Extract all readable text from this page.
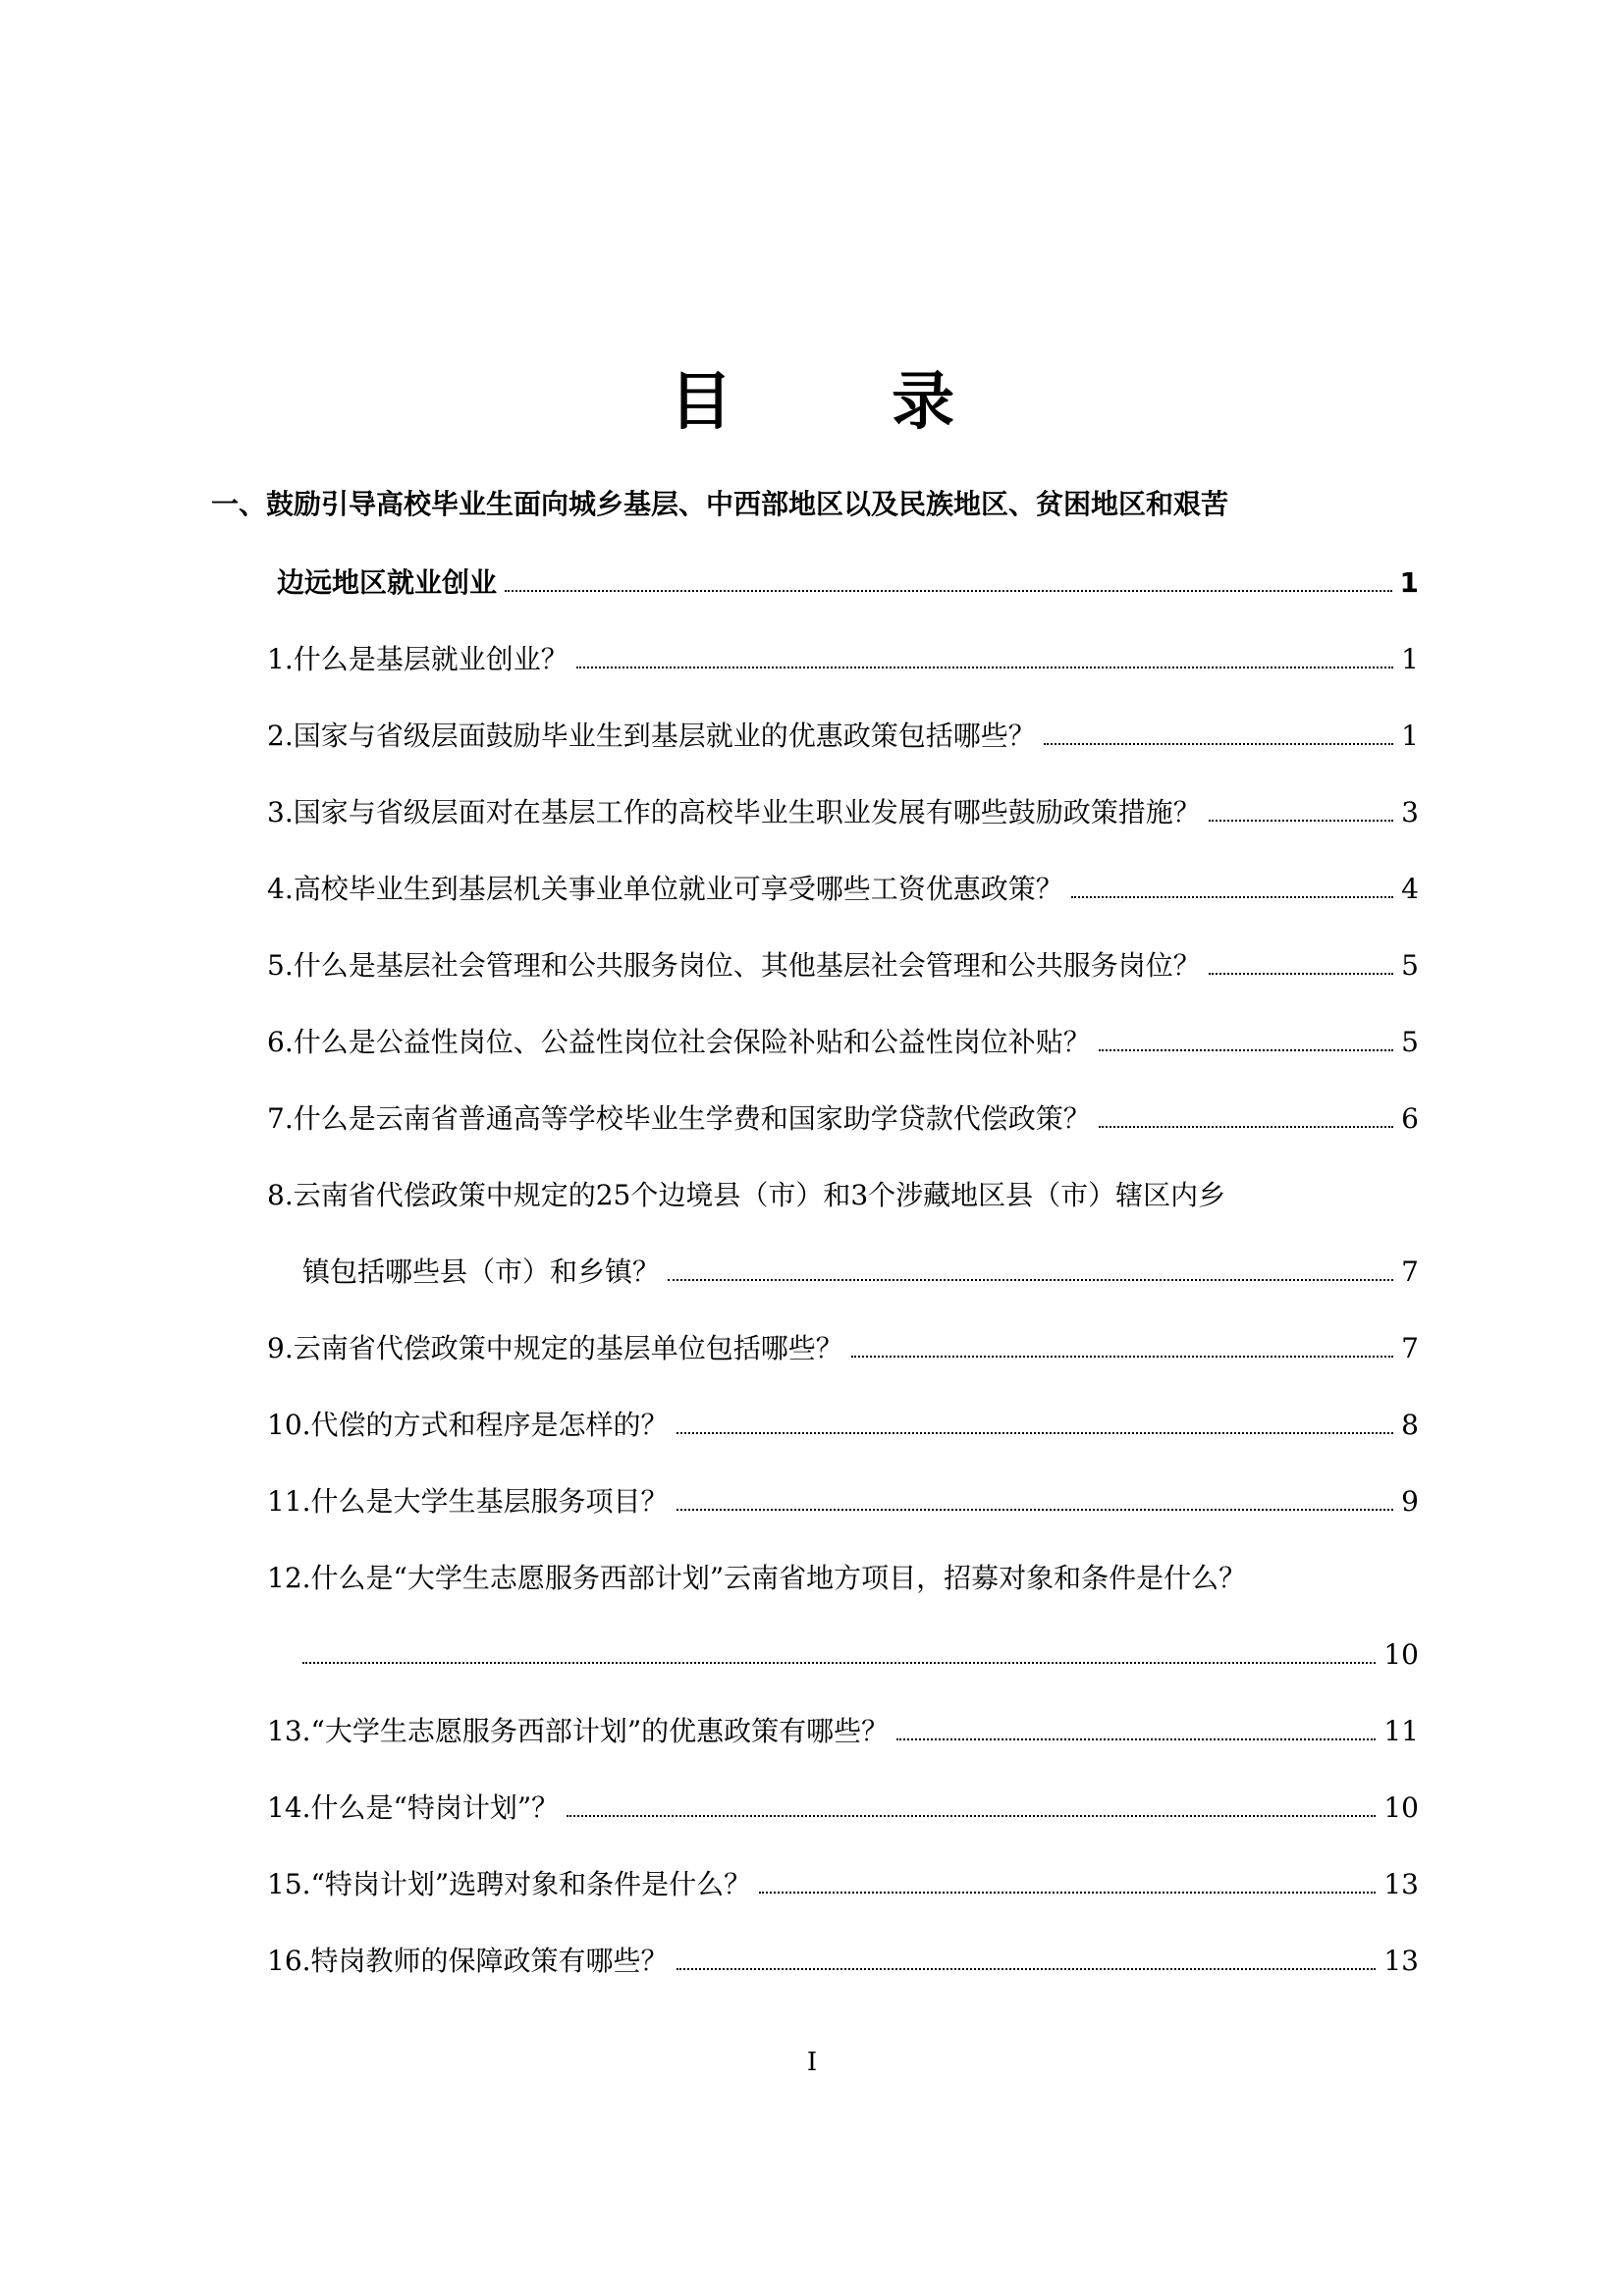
目 录
一、鼓励引导高校毕业生面向城乡基层、中西部地区以及民族地区、贫困地区和艰苦
边远地区就业创业	1
1.什么是基层就业创业？	1
2.国家与省级层面鼓励毕业生到基层就业的优惠政策包括哪些？	1
3.国家与省级层面对在基层工作的高校毕业生职业发展有哪些鼓励政策措施？	3
4.高校毕业生到基层机关事业单位就业可享受哪些工资优惠政策？	4
5.什么是基层社会管理和公共服务岗位、其他基层社会管理和公共服务岗位？	5
6.什么是公益性岗位、公益性岗位社会保险补贴和公益性岗位补贴？	5
7.什么是云南省普通高等学校毕业生学费和国家助学贷款代偿政策？	6
8.云南省代偿政策中规定的25个边境县（市）和3个涉藏地区县（市）辖区内乡
镇包括哪些县（市）和乡镇？	7
9.云南省代偿政策中规定的基层单位包括哪些？	7
10.代偿的方式和程序是怎样的？	8
11.什么是大学生基层服务项目？	9
12.什么是“大学生志愿服务西部计划”云南省地方项目，招募对象和条件是什么？
10
13.“大学生志愿服务西部计划”的优惠政策有哪些？	11
14.什么是“特岗计划”？	10
15.“特岗计划”选聘对象和条件是什么？	13
16.特岗教师的保障政策有哪些？	13
I
